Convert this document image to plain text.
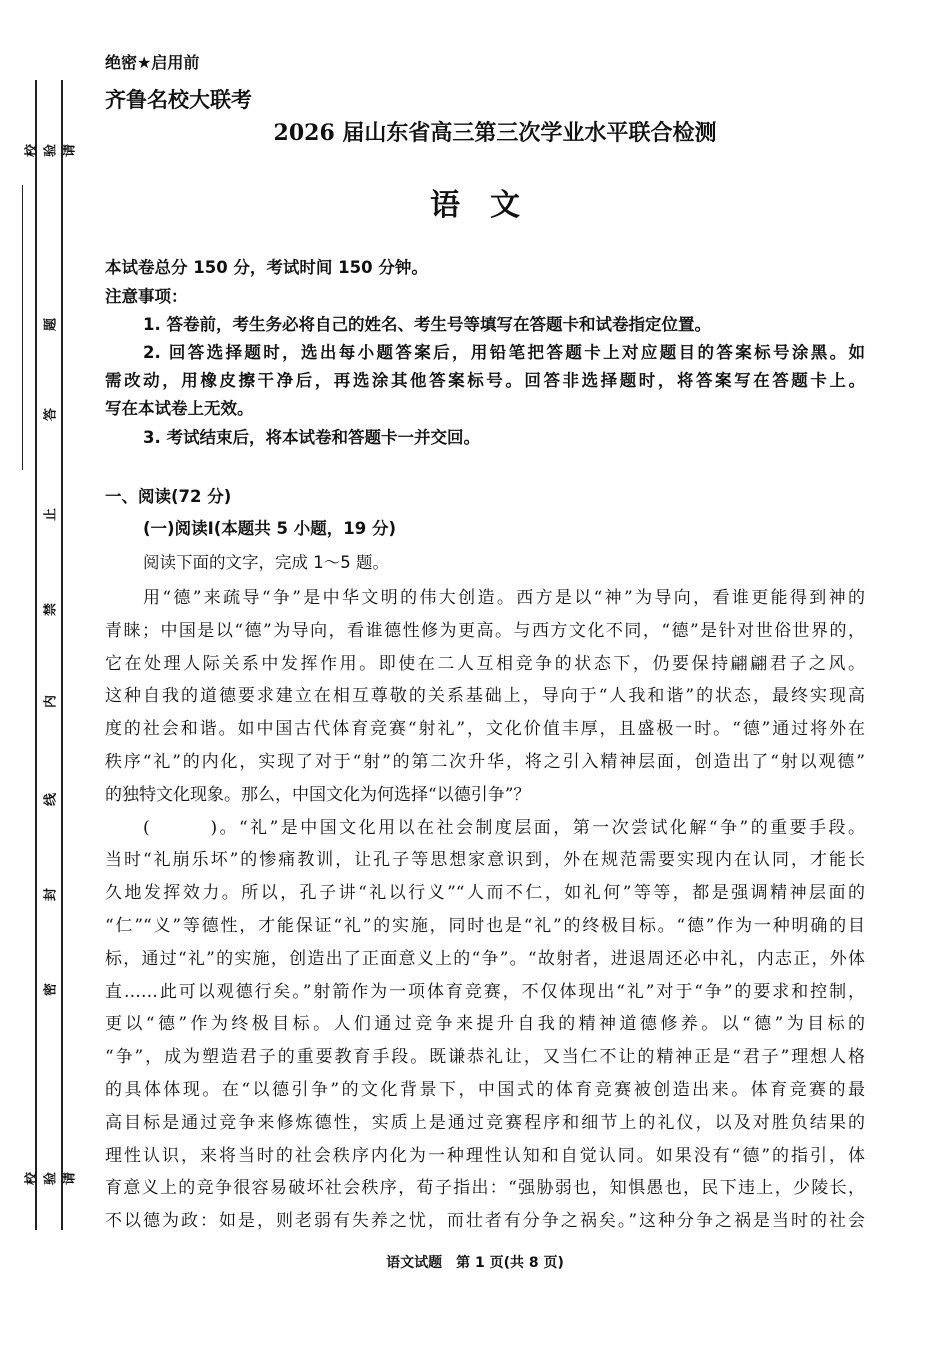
校验请
题
答
止
禁
内
线
封
密
校验请
绝密★启用前
齐鲁名校大联考
2026 届山东省高三第三次学业水平联合检测
语　文
本试卷总分 150 分，考试时间 150 分钟。
注意事项：
1. 答卷前，考生务必将自己的姓名、考生号等填写在答题卡和试卷指定位置。
2. 回答选择题时，选出每小题答案后，用铅笔把答题卡上对应题目的答案标号涂黑。如
需改动，用橡皮擦干净后，再选涂其他答案标号。回答非选择题时，将答案写在答题卡上。
写在本试卷上无效。
3. 考试结束后，将本试卷和答题卡一并交回。
一、阅读(72 分)
(一)阅读Ⅰ(本题共 5 小题，19 分)
阅读下面的文字，完成 1～5 题。
用“德”来疏导“争”是中华文明的伟大创造。西方是以“神”为导向，看谁更能得到神的
青睐；中国是以“德”为导向，看谁德性修为更高。与西方文化不同，“德”是针对世俗世界的，
它在处理人际关系中发挥作用。即使在二人互相竞争的状态下，仍要保持翩翩君子之风。
这种自我的道德要求建立在相互尊敬的关系基础上，导向于“人我和谐”的状态，最终实现高
度的社会和谐。如中国古代体育竞赛“射礼”，文化价值丰厚，且盛极一时。“德”通过将外在
秩序“礼”的内化，实现了对于“射”的第二次升华，将之引入精神层面，创造出了“射以观德”
的独特文化现象。那么，中国文化为何选择“以德引争”？
(　　　)。“礼”是中国文化用以在社会制度层面，第一次尝试化解“争”的重要手段。
当时“礼崩乐坏”的惨痛教训，让孔子等思想家意识到，外在规范需要实现内在认同，才能长
久地发挥效力。所以，孔子讲“礼以行义”“人而不仁，如礼何”等等，都是强调精神层面的
“仁”“义”等德性，才能保证“礼”的实施，同时也是“礼”的终极目标。“德”作为一种明确的目
标，通过“礼”的实施，创造出了正面意义上的“争”。“故射者，进退周还必中礼，内志正，外体
直……此可以观德行矣。”射箭作为一项体育竞赛，不仅体现出“礼”对于“争”的要求和控制，
更以“德”作为终极目标。人们通过竞争来提升自我的精神道德修养。以“德”为目标的
“争”，成为塑造君子的重要教育手段。既谦恭礼让，又当仁不让的精神正是“君子”理想人格
的具体体现。在“以德引争”的文化背景下，中国式的体育竞赛被创造出来。体育竞赛的最
高目标是通过竞争来修炼德性，实质上是通过竞赛程序和细节上的礼仪，以及对胜负结果的
理性认识，来将当时的社会秩序内化为一种理性认知和自觉认同。如果没有“德”的指引，体
育意义上的竞争很容易破坏社会秩序，荀子指出：“强胁弱也，知惧愚也，民下违上，少陵长，
不以德为政：如是，则老弱有失养之忧，而壮者有分争之祸矣。”这种分争之祸是当时的社会
语文试题　第 1 页(共 8 页)
